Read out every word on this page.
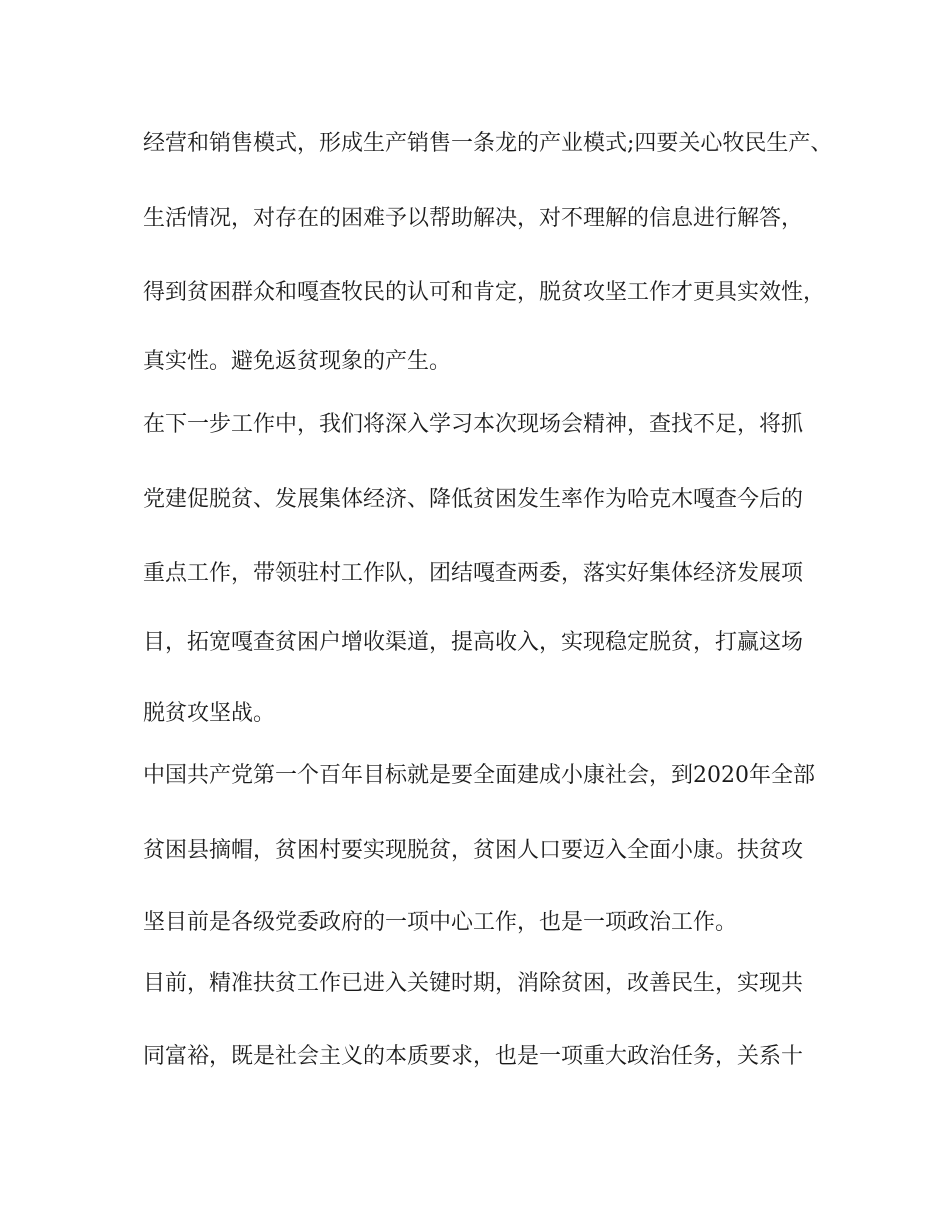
经营和销售模式，形成生产销售一条龙的产业模式;四要关心牧民生产、

生活情况，对存在的困难予以帮助解决，对不理解的信息进行解答，

得到贫困群众和嘎查牧民的认可和肯定，脱贫攻坚工作才更具实效性，

真实性。避免返贫现象的产生。

在下一步工作中，我们将深入学习本次现场会精神，查找不足，将抓

党建促脱贫、发展集体经济、降低贫困发生率作为哈克木嘎查今后的

重点工作，带领驻村工作队，团结嘎查两委，落实好集体经济发展项

目，拓宽嘎查贫困户增收渠道，提高收入，实现稳定脱贫，打赢这场

脱贫攻坚战。

中国共产党第一个百年目标就是要全面建成小康社会，到2020年全部

贫困县摘帽，贫困村要实现脱贫，贫困人口要迈入全面小康。扶贫攻

坚目前是各级党委政府的一项中心工作，也是一项政治工作。

目前，精准扶贫工作已进入关键时期，消除贫困，改善民生，实现共

同富裕，既是社会主义的本质要求，也是一项重大政治任务，关系十
